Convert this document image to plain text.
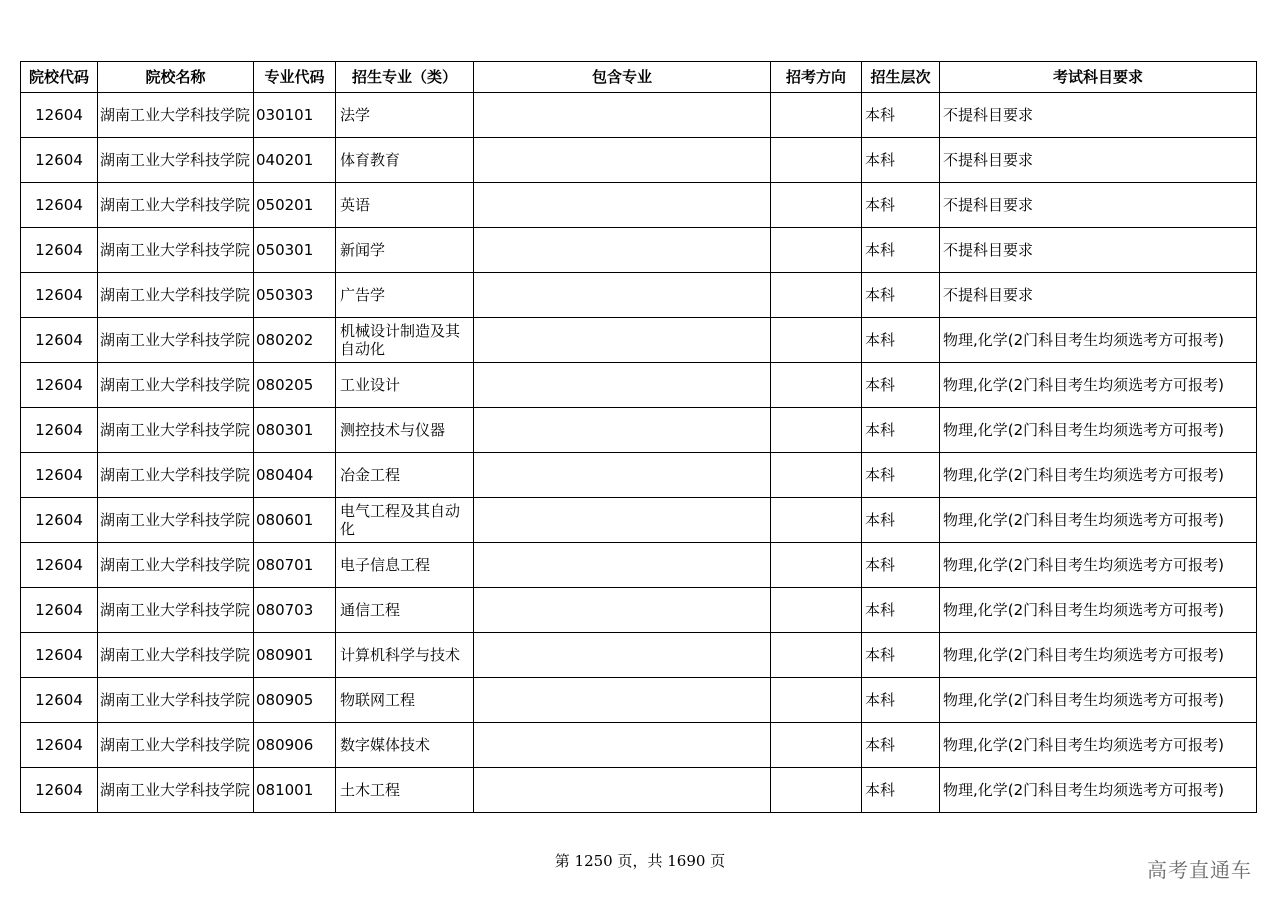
院校代码	院校名称	专业代码	招生专业（类）	包含专业	招考方向	招生层次	考试科目要求
12604	湖南工业大学科技学院	030101	法学			本科	不提科目要求
12604	湖南工业大学科技学院	040201	体育教育			本科	不提科目要求
12604	湖南工业大学科技学院	050201	英语			本科	不提科目要求
12604	湖南工业大学科技学院	050301	新闻学			本科	不提科目要求
12604	湖南工业大学科技学院	050303	广告学			本科	不提科目要求
12604	湖南工业大学科技学院	080202	机械设计制造及其自动化			本科	物理,化学(2门科目考生均须选考方可报考)
12604	湖南工业大学科技学院	080205	工业设计			本科	物理,化学(2门科目考生均须选考方可报考)
12604	湖南工业大学科技学院	080301	测控技术与仪器			本科	物理,化学(2门科目考生均须选考方可报考)
12604	湖南工业大学科技学院	080404	冶金工程			本科	物理,化学(2门科目考生均须选考方可报考)
12604	湖南工业大学科技学院	080601	电气工程及其自动化			本科	物理,化学(2门科目考生均须选考方可报考)
12604	湖南工业大学科技学院	080701	电子信息工程			本科	物理,化学(2门科目考生均须选考方可报考)
12604	湖南工业大学科技学院	080703	通信工程			本科	物理,化学(2门科目考生均须选考方可报考)
12604	湖南工业大学科技学院	080901	计算机科学与技术			本科	物理,化学(2门科目考生均须选考方可报考)
12604	湖南工业大学科技学院	080905	物联网工程			本科	物理,化学(2门科目考生均须选考方可报考)
12604	湖南工业大学科技学院	080906	数字媒体技术			本科	物理,化学(2门科目考生均须选考方可报考)
12604	湖南工业大学科技学院	081001	土木工程			本科	物理,化学(2门科目考生均须选考方可报考)
第 1250 页，共 1690 页	高考直通车
